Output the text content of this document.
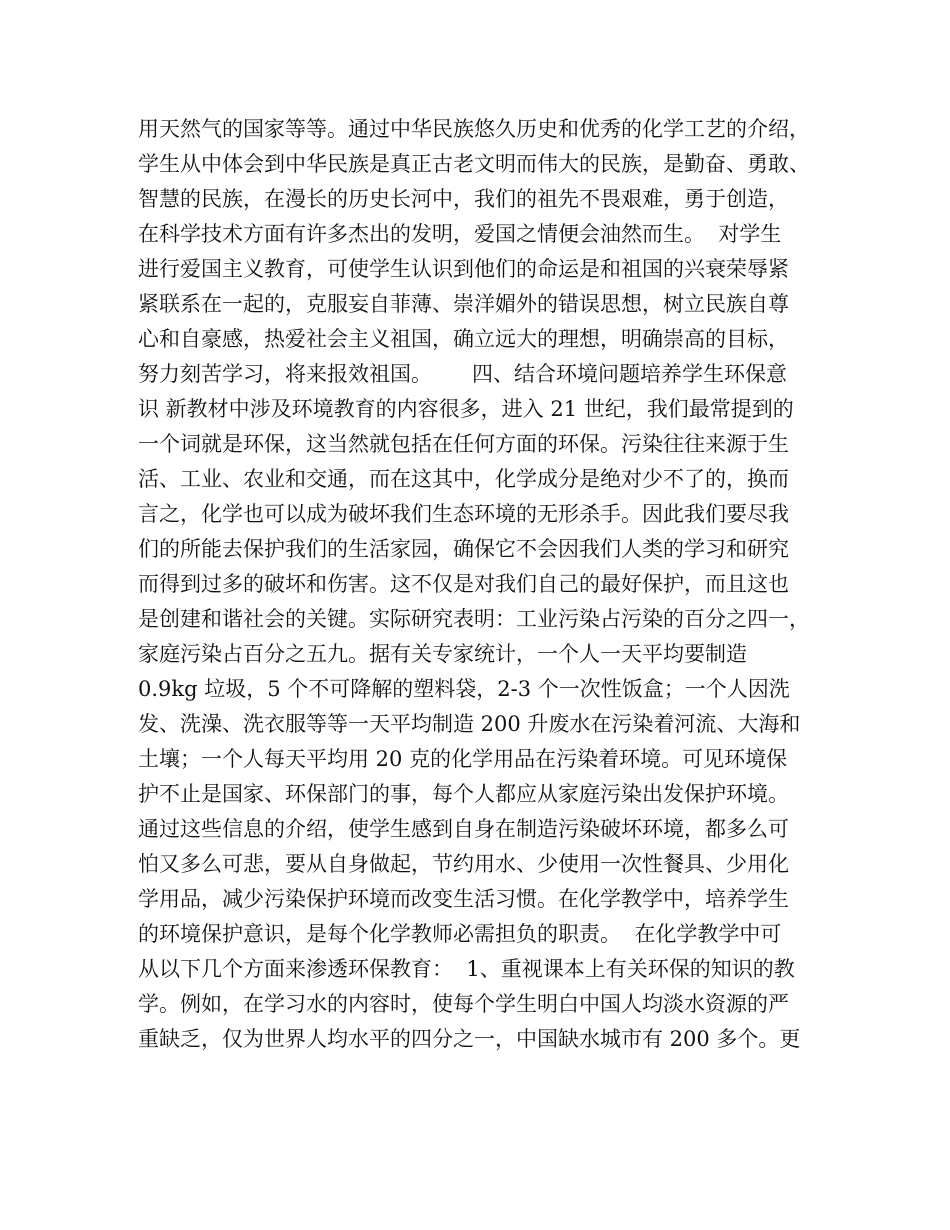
用天然气的国家等等。通过中华民族悠久历史和优秀的化学工艺的介绍，
学生从中体会到中华民族是真正古老文明而伟大的民族，是勤奋、勇敢、
智慧的民族，在漫长的历史长河中，我们的祖先不畏艰难，勇于创造，
在科学技术方面有许多杰出的发明，爱国之情便会油然而生。  对学生
进行爱国主义教育，可使学生认识到他们的命运是和祖国的兴衰荣辱紧
紧联系在一起的，克服妄自菲薄、崇洋媚外的错误思想，树立民族自尊
心和自豪感，热爱社会主义祖国，确立远大的理想，明确崇高的目标，
努力刻苦学习，将来报效祖国。      四、结合环境问题培养学生环保意
识 新教材中涉及环境教育的内容很多，进入 21 世纪，我们最常提到的
一个词就是环保，这当然就包括在任何方面的环保。污染往往来源于生
活、工业、农业和交通，而在这其中，化学成分是绝对少不了的，换而
言之，化学也可以成为破坏我们生态环境的无形杀手。因此我们要尽我
们的所能去保护我们的生活家园，确保它不会因我们人类的学习和研究
而得到过多的破坏和伤害。这不仅是对我们自己的最好保护，而且这也
是创建和谐社会的关键。实际研究表明：工业污染占污染的百分之四一，
家庭污染占百分之五九。据有关专家统计，一个人一天平均要制造
0.9kg 垃圾，5 个不可降解的塑料袋，2-3 个一次性饭盒；一个人因洗
发、洗澡、洗衣服等等一天平均制造 200 升废水在污染着河流、大海和
土壤；一个人每天平均用 20 克的化学用品在污染着环境。可见环境保
护不止是国家、环保部门的事，每个人都应从家庭污染出发保护环境。
通过这些信息的介绍，使学生感到自身在制造污染破坏环境，都多么可
怕又多么可悲，要从自身做起，节约用水、少使用一次性餐具、少用化
学用品，减少污染保护环境而改变生活习惯。在化学教学中，培养学生
的环境保护意识，是每个化学教师必需担负的职责。  在化学教学中可
从以下几个方面来渗透环保教育：  1、重视课本上有关环保的知识的教
学。例如，在学习水的内容时，使每个学生明白中国人均淡水资源的严
重缺乏，仅为世界人均水平的四分之一，中国缺水城市有 200 多个。更
